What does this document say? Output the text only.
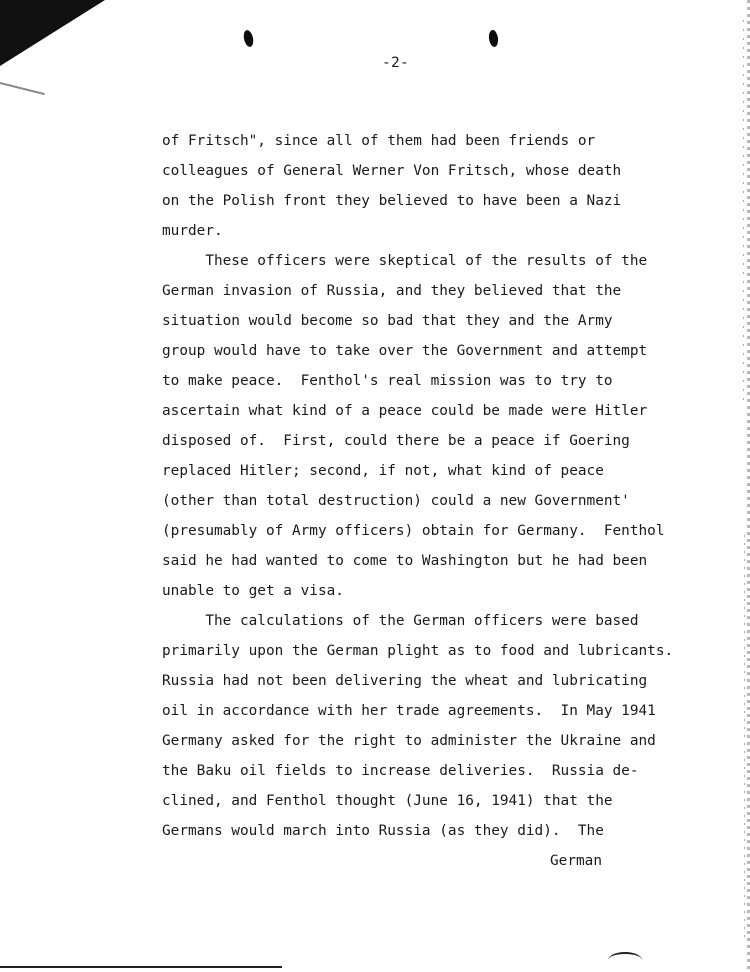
-2-
of Fritsch", since all of them had been friends or
colleagues of General Werner Von Fritsch, whose death
on the Polish front they believed to have been a Nazi
murder.
These officers were skeptical of the results of the
German invasion of Russia, and they believed that the
situation would become so bad that they and the Army
group would have to take over the Government and attempt
to make peace.  Fenthol's real mission was to try to
ascertain what kind of a peace could be made were Hitler
disposed of.  First, could there be a peace if Goering
replaced Hitler; second, if not, what kind of peace
(other than total destruction) could a new Government'
(presumably of Army officers) obtain for Germany.  Fenthol
said he had wanted to come to Washington but he had been
unable to get a visa.
The calculations of the German officers were based
primarily upon the German plight as to food and lubricants.
Russia had not been delivering the wheat and lubricating
oil in accordance with her trade agreements.  In May 1941
Germany asked for the right to administer the Ukraine and
the Baku oil fields to increase deliveries.  Russia de-
clined, and Fenthol thought (June 16, 1941) that the
Germans would march into Russia (as they did).  The
German
